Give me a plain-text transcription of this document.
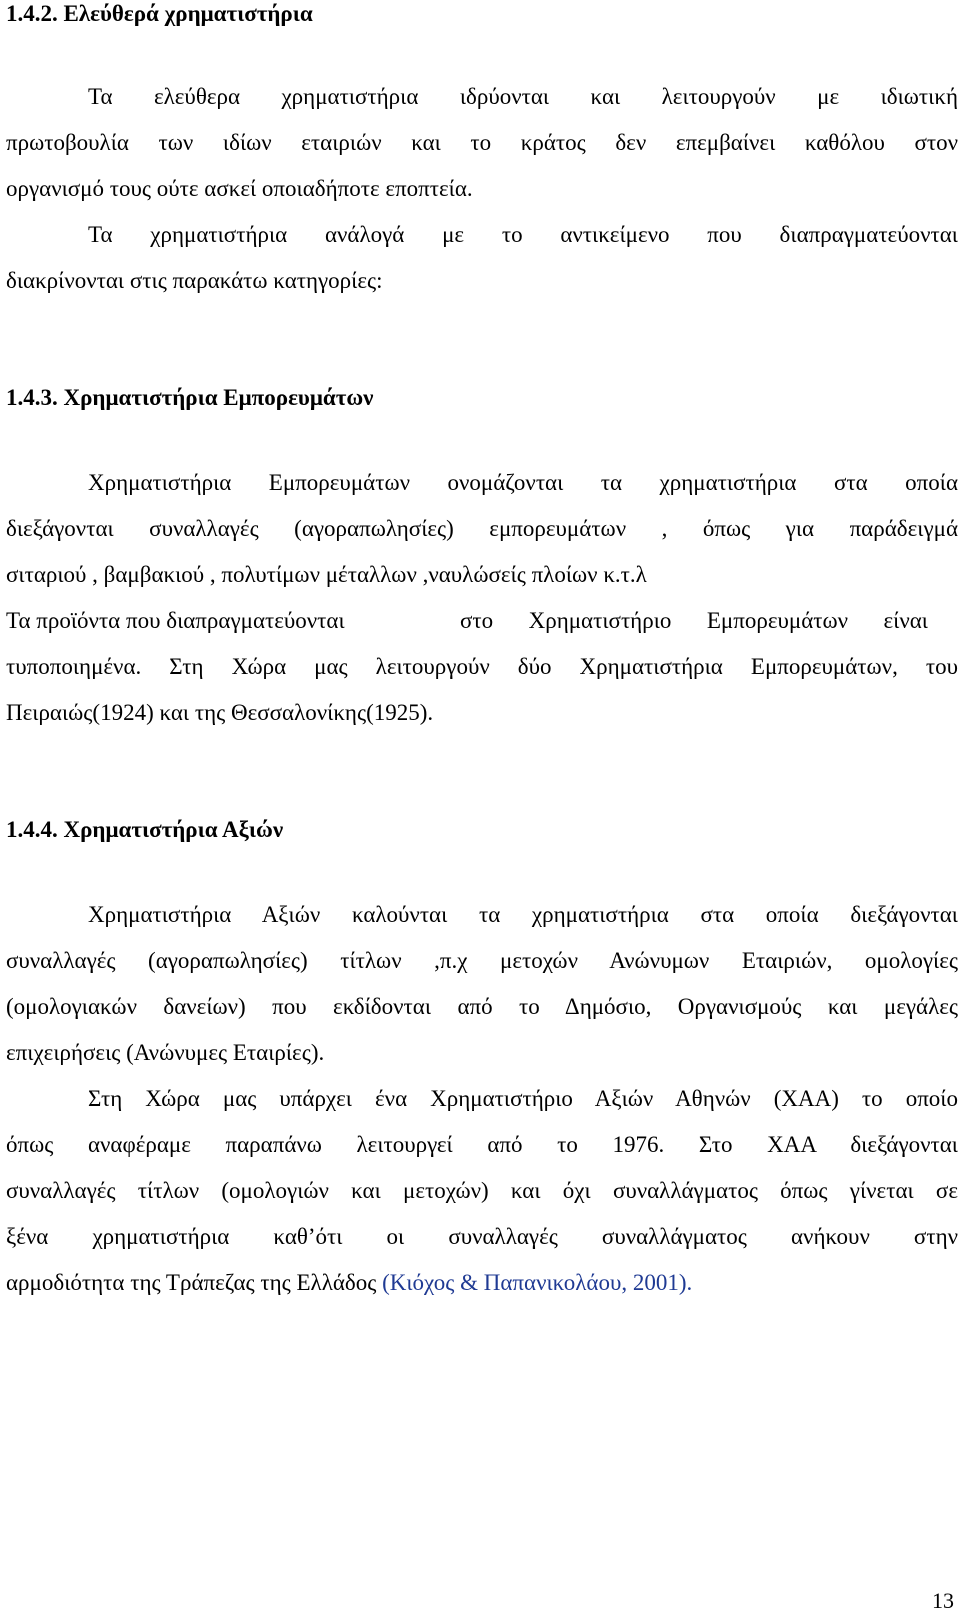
1.4.2. Ελεύθερά χρηματιστήρια
Τα ελεύθερα χρηματιστήρια ιδρύονται και λειτουργούν με ιδιωτική
πρωτοβουλία των ιδίων εταιριών και το κράτος δεν επεμβαίνει καθόλου στον
οργανισμό τους ούτε ασκεί οποιαδήποτε εποπτεία.
Τα χρηματιστήρια ανάλογά με το αντικείμενο που διαπραγματεύονται
διακρίνονται στις παρακάτω κατηγορίες:
1.4.3. Χρηματιστήρια Εμπορευμάτων
Χρηματιστήρια Εμπορευμάτων ονομάζονται τα χρηματιστήρια στα οποία
διεξάγονται συναλλαγές (αγοραπωλησίες) εμπορευμάτων , όπως για παράδειγμά
σιταριού , βαμβακιού , πολυτίμων μέταλλων ,ναυλώσείς πλοίων κ.τ.λ
Τα προϊόντα που διαπραγματεύονται	στο Χρηματιστήριο Εμπορευμάτων είναι
τυποποιημένα. Στη Χώρα μας λειτουργούν δύο Χρηματιστήρια Εμπορευμάτων, του
Πειραιώς(1924) και της Θεσσαλονίκης(1925).
1.4.4. Χρηματιστήρια Αξιών
Χρηματιστήρια Αξιών καλούνται τα χρηματιστήρια στα οποία διεξάγονται
συναλλαγές (αγοραπωλησίες) τίτλων ,π.χ μετοχών Ανώνυμων Εταιριών, ομολογίες
(ομολογιακών δανείων) που εκδίδονται από το Δημόσιο, Οργανισμούς και μεγάλες
επιχειρήσεις (Ανώνυμες Εταιρίες).
Στη Χώρα μας υπάρχει ένα Χρηματιστήριο Αξιών Αθηνών (ΧΑΑ) το οποίο
όπως αναφέραμε παραπάνω λειτουργεί από το 1976. Στο ΧΑΑ διεξάγονται
συναλλαγές τίτλων (ομολογιών και μετοχών) και όχι συναλλάγματος όπως γίνεται σε
ξένα χρηματιστήρια καθ’ότι οι συναλλαγές συναλλάγματος ανήκουν στην
αρμοδιότητα της Τράπεζας της Ελλάδος (Κιόχος & Παπανικολάου, 2001).
13
